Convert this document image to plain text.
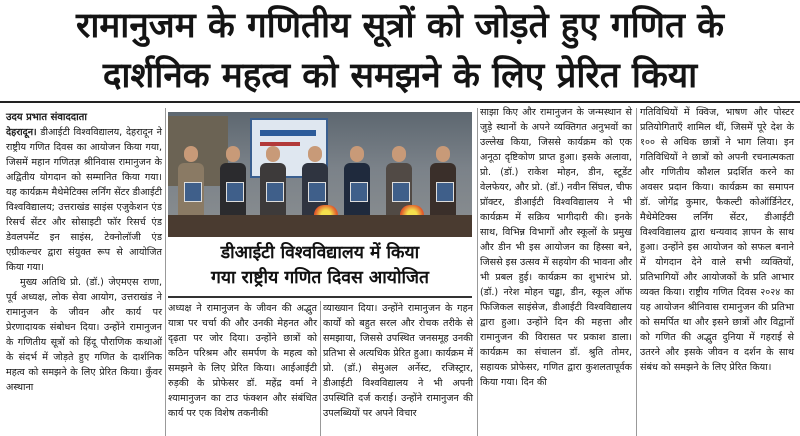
रामानुजम के गणितीय सूत्रों को जोड़ते हुए गणित के
दार्शनिक महत्व को समझने के लिए प्रेरित किया
उदय प्रभात संवाददाता

देहरादून। डीआईटी विश्वविद्यालय, देहरादून ने राष्ट्रीय गणित दिवस का आयोजन किया गया, जिसमें महान गणितज्ञ श्रीनिवास रामानुजन के अद्वितीय योगदान को सम्मानित किया गया। यह कार्यक्रम मैथेमेटिक्स लर्निंग सेंटर डीआईटी विश्वविद्यालय; उत्तराखंड साइंस एजुकेशन एंड रिसर्च सेंटर और सोसाइटी फॉर रिसर्च एंड डेवलपमेंट इन साइंस, टेक्नोलॉजी एंड एग्रीकल्चर द्वारा संयुक्त रूप से आयोजित किया गया।

मुख्य अतिथि प्रो. (डॉ.) जेएमएस राणा, पूर्व अध्यक्ष, लोक सेवा आयोग, उत्तराखंड ने रामानुजन के जीवन और कार्य पर प्रेरणादायक संबोधन दिया। उन्होंने रामानुजन के गणितीय सूत्रों को हिंदू पौराणिक कथाओं के संदर्भ में जोड़ते हुए गणित के दार्शनिक महत्व को समझने के लिए प्रेरित किया। कुँवर अस्थाना

डीआईटी विश्वविद्यालय में किया
गया राष्ट्रीय गणित दिवस आयोजित

अध्यक्ष ने रामानुजन के जीवन की अद्भुत यात्रा पर चर्चा की और उनकी मेहनत और दृढ़ता पर जोर दिया। उन्होंने छात्रों को कठिन परिश्रम और समर्पण के महत्व को समझने के लिए प्रेरित किया। आईआईटी रुड़की के प्रोफेसर डॉ. महेंद्र वर्मा ने श्यामानुजन का टाउ फंक्शन और संबंधित कार्य पर एक विशेष तकनीकी

व्याख्यान दिया। उन्होंने रामानुजन के गहन कार्यों को बहुत सरल और रोचक तरीके से समझाया, जिससे उपस्थित जनसमूह उनकी प्रतिभा से अत्यधिक प्रेरित हुआ। कार्यक्रम में प्रो. (डॉ.) सेमुअल अर्नेस्ट, रजिस्ट्रार, डीआईटी विश्वविद्यालय ने भी अपनी उपस्थिति दर्ज कराई। उन्होंने रामानुजन की उपलब्धियों पर अपने विचार

साझा किए और रामानुजन के जन्मस्थान से जुड़े स्थानों के अपने व्यक्तिगत अनुभवों का उल्लेख किया, जिससे कार्यक्रम को एक अनूठा दृष्टिकोण प्राप्त हुआ। इसके अलावा, प्रो. (डॉ.) राकेश मोहन, डीन, स्टूडेंट वेलफेयर, और प्रो. (डॉ.) नवीन सिंघल, चीफ प्रॉक्टर, डीआईटी विश्वविद्यालय ने भी कार्यक्रम में सक्रिय भागीदारी की। इनके साथ, विभिन्न विभागों और स्कूलों के प्रमुख और डीन भी इस आयोजन का हिस्सा बने, जिससे इस उत्सव में सहयोग की भावना और भी प्रबल हुई। कार्यक्रम का शुभारंभ प्रो. (डॉ.) नरेश मोहन चड्ढा, डीन, स्कूल ऑफ फिजिकल साइंसेज, डीआईटी विश्वविद्यालय द्वारा हुआ। उन्होंने दिन की महत्ता और रामानुजन की विरासत पर प्रकाश डाला। कार्यक्रम का संचालन डॉ. श्रुति तोमर, सहायक प्रोफेसर, गणित द्वारा कुशलतापूर्वक किया गया। दिन की

गतिविधियों में क्विज, भाषण और पोस्टर प्रतियोगिताएँ शामिल थीं, जिसमें पूरे देश के १०० से अधिक छात्रों ने भाग लिया। इन गतिविधियों ने छात्रों को अपनी रचनात्मकता और गणितीय कौशल प्रदर्शित करने का अवसर प्रदान किया। कार्यक्रम का समापन डॉ. जोगेंद्र कुमार, फैकल्टी कोऑर्डिनेटर, मैथेमेटिक्स लर्निंग सेंटर, डीआईटी विश्वविद्यालय द्वारा धन्यवाद ज्ञापन के साथ हुआ। उन्होंने इस आयोजन को सफल बनाने में योगदान देने वाले सभी व्यक्तियों, प्रतिभागियों और आयोजकों के प्रति आभार व्यक्त किया। राष्ट्रीय गणित दिवस २०२४ का यह आयोजन श्रीनिवास रामानुजन की प्रतिभा को समर्पित था और इसने छात्रों और विद्वानों को गणित की अद्भुत दुनिया में गहराई से उतरने और इसके जीवन व दर्शन के साथ संबंध को समझने के लिए प्रेरित किया।
